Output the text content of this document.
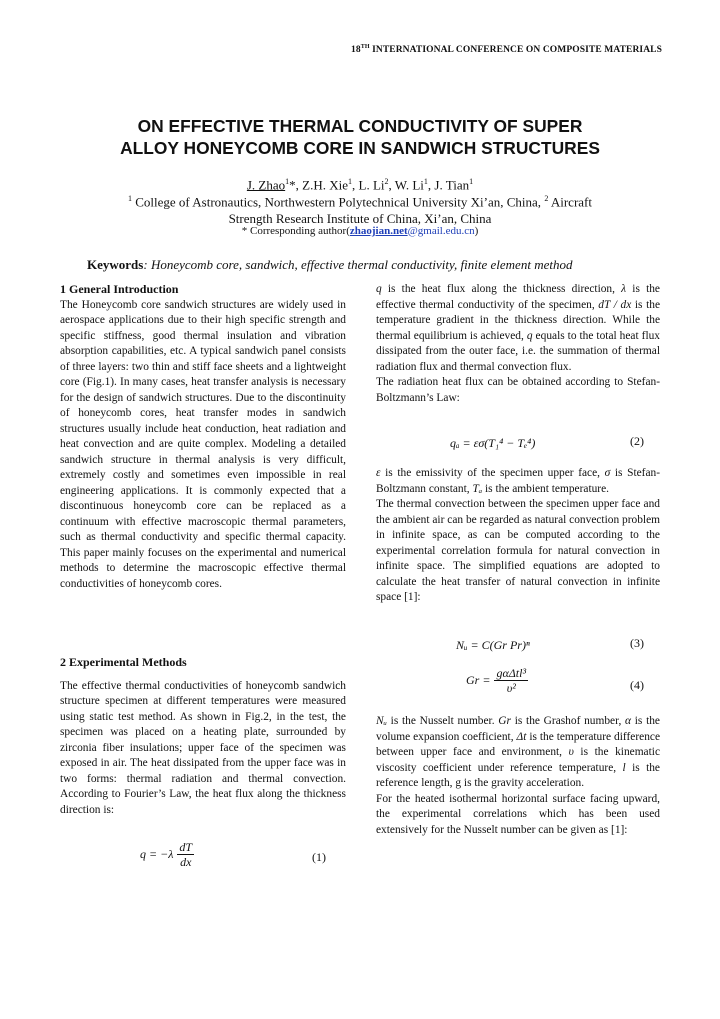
18TH INTERNATIONAL CONFERENCE ON COMPOSITE MATERIALS
ON EFFECTIVE THERMAL CONDUCTIVITY OF SUPER
ALLOY HONEYCOMB CORE IN SANDWICH STRUCTURES
J. Zhao$^1$*, Z.H. Xie$^1$, L. Li$^2$, W. Li$^1$, J. Tian$^1$
$^1$ College of Astronautics, Northwestern Polytechnical University Xi’an, China, $^2$ Aircraft
Strength Research Institute of China, Xi’an, China
* Corresponding author(zhaojian.net@gmail.edu.cn)
Keywords: Honeycomb core, sandwich, effective thermal conductivity, finite element method
1 General Introduction
The Honeycomb core sandwich structures are widely used in aerospace applications due to their high specific strength and specific stiffness, good thermal insulation and vibration absorption capabilities, etc. A typical sandwich panel consists of three layers: two thin and stiff face sheets and a lightweight core (Fig.1). In many cases, heat transfer analysis is necessary for the design of sandwich structures. Due to the discontinuity of honeycomb cores, heat transfer modes in sandwich structures usually include heat conduction, heat radiation and heat convection and are quite complex. Modeling a detailed sandwich structure in thermal analysis is very difficult, extremely costly and sometimes even impossible in real engineering applications. It is commonly expected that a discontinuous honeycomb core can be replaced as a continuum with effective macroscopic thermal parameters, such as thermal conductivity and specific thermal capacity. This paper mainly focuses on the experimental and numerical methods to determine the macroscopic effective thermal conductivities of honeycomb cores.
2 Experimental Methods
The effective thermal conductivities of honeycomb sandwich structure specimen at different temperatures were measured using static test method. As shown in Fig.2, in the test, the specimen was placed on a heating plate, surrounded by zirconia fiber insulations; upper face of the specimen was exposed in air. The heat dissipated from the upper face was in two forms: thermal radiation and thermal convection. According to Fourier’s Law, the heat flux along the thickness direction is:
$q = -\lambda \frac{dT}{dx}$	(1)
q is the heat flux along the thickness direction, λ is the effective thermal conductivity of the specimen, dT / dx is the temperature gradient in the thickness direction. While the thermal equilibrium is achieved, q equals to the total heat flux dissipated from the outer face, i.e. the summation of thermal radiation flux and thermal convection flux.
The radiation heat flux can be obtained according to Stefan-Boltzmann’s Law:
qₐ = εσ(T₁⁴ − Tₑ⁴)	(2)
ε is the emissivity of the specimen upper face, σ is Stefan-Boltzmann constant, Tₐ is the ambient temperature.
The thermal convection between the specimen upper face and the ambient air can be regarded as natural convection problem in infinite space, as can be computed according to the experimental correlation formula for natural convection in infinite space. The simplified equations are adopted to calculate the heat transfer of natural convection in infinite space [1]:
Nᵤ = C(Gr Pr)ⁿ	(3)
$Gr = \frac{\text{gαΔtl³}}{\text{υ²}}$	(4)
Nᵤ is the Nusselt number. Gr is the Grashof number, α is the volume expansion coefficient, Δt is the temperature difference between upper face and environment, υ is the kinematic viscosity coefficient under reference temperature, l is the reference length, g is the gravity acceleration.
For the heated isothermal horizontal surface facing upward, the experimental correlations which has been used extensively for the Nusselt number can be given as [1]:
